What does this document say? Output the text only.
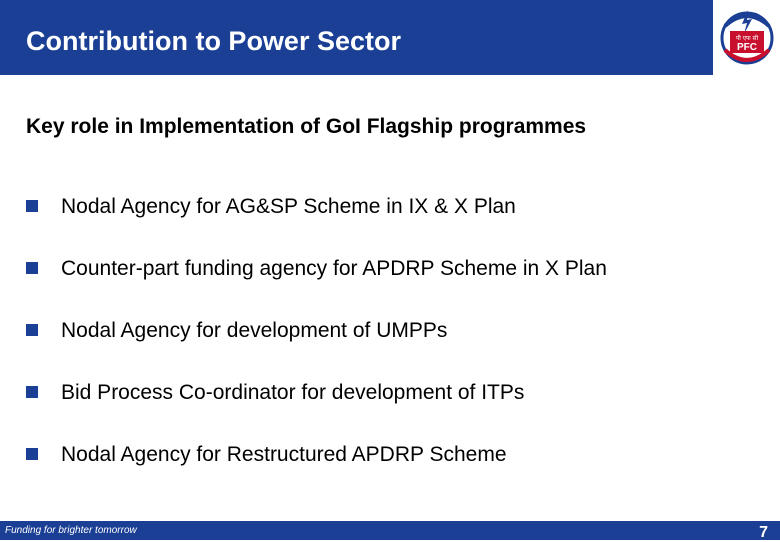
Contribution to Power Sector	पी एफ सी
PFC
Key role in Implementation of GoI Flagship programmes
Nodal Agency for AG&SP Scheme in IX & X Plan
Counter-part funding agency for APDRP Scheme in X Plan
Nodal Agency for development of UMPPs
Bid Process Co-ordinator for development of ITPs
Nodal Agency for Restructured APDRP Scheme
Funding for brighter tomorrow	7
